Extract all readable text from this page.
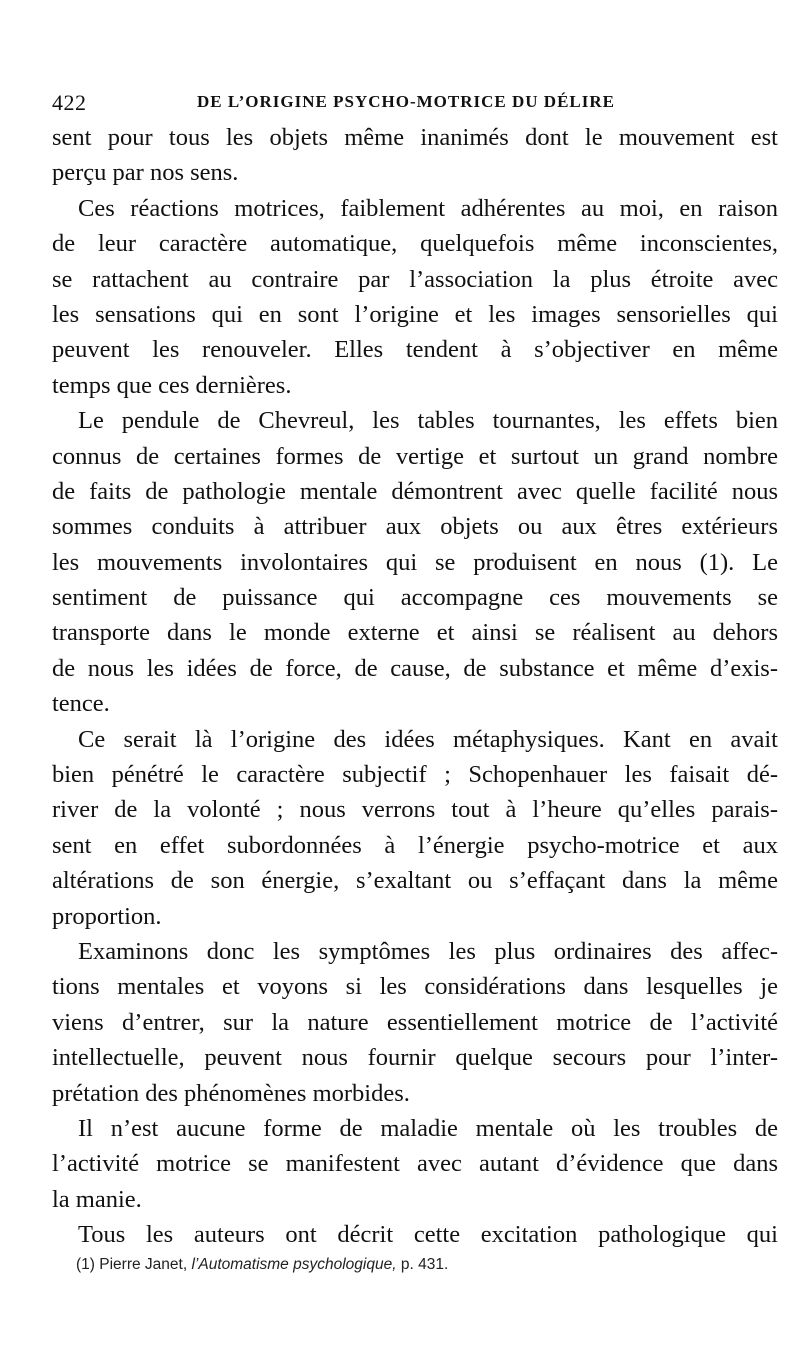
422	DE L’ORIGINE PSYCHO-MOTRICE DU DÉLIRE
sent pour tous les objets même inanimés dont le mouvement est
perçu par nos sens.
Ces réactions motrices, faiblement adhérentes au moi, en raison
de leur caractère automatique, quelquefois même inconscientes,
se rattachent au contraire par l’association la plus étroite avec
les sensations qui en sont l’origine et les images sensorielles qui
peuvent les renouveler. Elles tendent à s’objectiver en même
temps que ces dernières.
Le pendule de Chevreul, les tables tournantes, les effets bien
connus de certaines formes de vertige et surtout un grand nombre
de faits de pathologie mentale démontrent avec quelle facilité nous
sommes conduits à attribuer aux objets ou aux êtres extérieurs
les mouvements involontaires qui se produisent en nous (1). Le
sentiment de puissance qui accompagne ces mouvements se
transporte dans le monde externe et ainsi se réalisent au dehors
de nous les idées de force, de cause, de substance et même d’exis-
tence.
Ce serait là l’origine des idées métaphysiques. Kant en avait
bien pénétré le caractère subjectif ; Schopenhauer les faisait dé-
river de la volonté ; nous verrons tout à l’heure qu’elles parais-
sent en effet subordonnées à l’énergie psycho-motrice et aux
altérations de son énergie, s’exaltant ou s’effaçant dans la même
proportion.
Examinons donc les symptômes les plus ordinaires des affec-
tions mentales et voyons si les considérations dans lesquelles je
viens d’entrer, sur la nature essentiellement motrice de l’activité
intellectuelle, peuvent nous fournir quelque secours pour l’inter-
prétation des phénomènes morbides.
Il n’est aucune forme de maladie mentale où les troubles de
l’activité motrice se manifestent avec autant d’évidence que dans
la manie.
Tous les auteurs ont décrit cette excitation pathologique qui
(1) Pierre Janet, l’Automatisme psychologique, p. 431.
